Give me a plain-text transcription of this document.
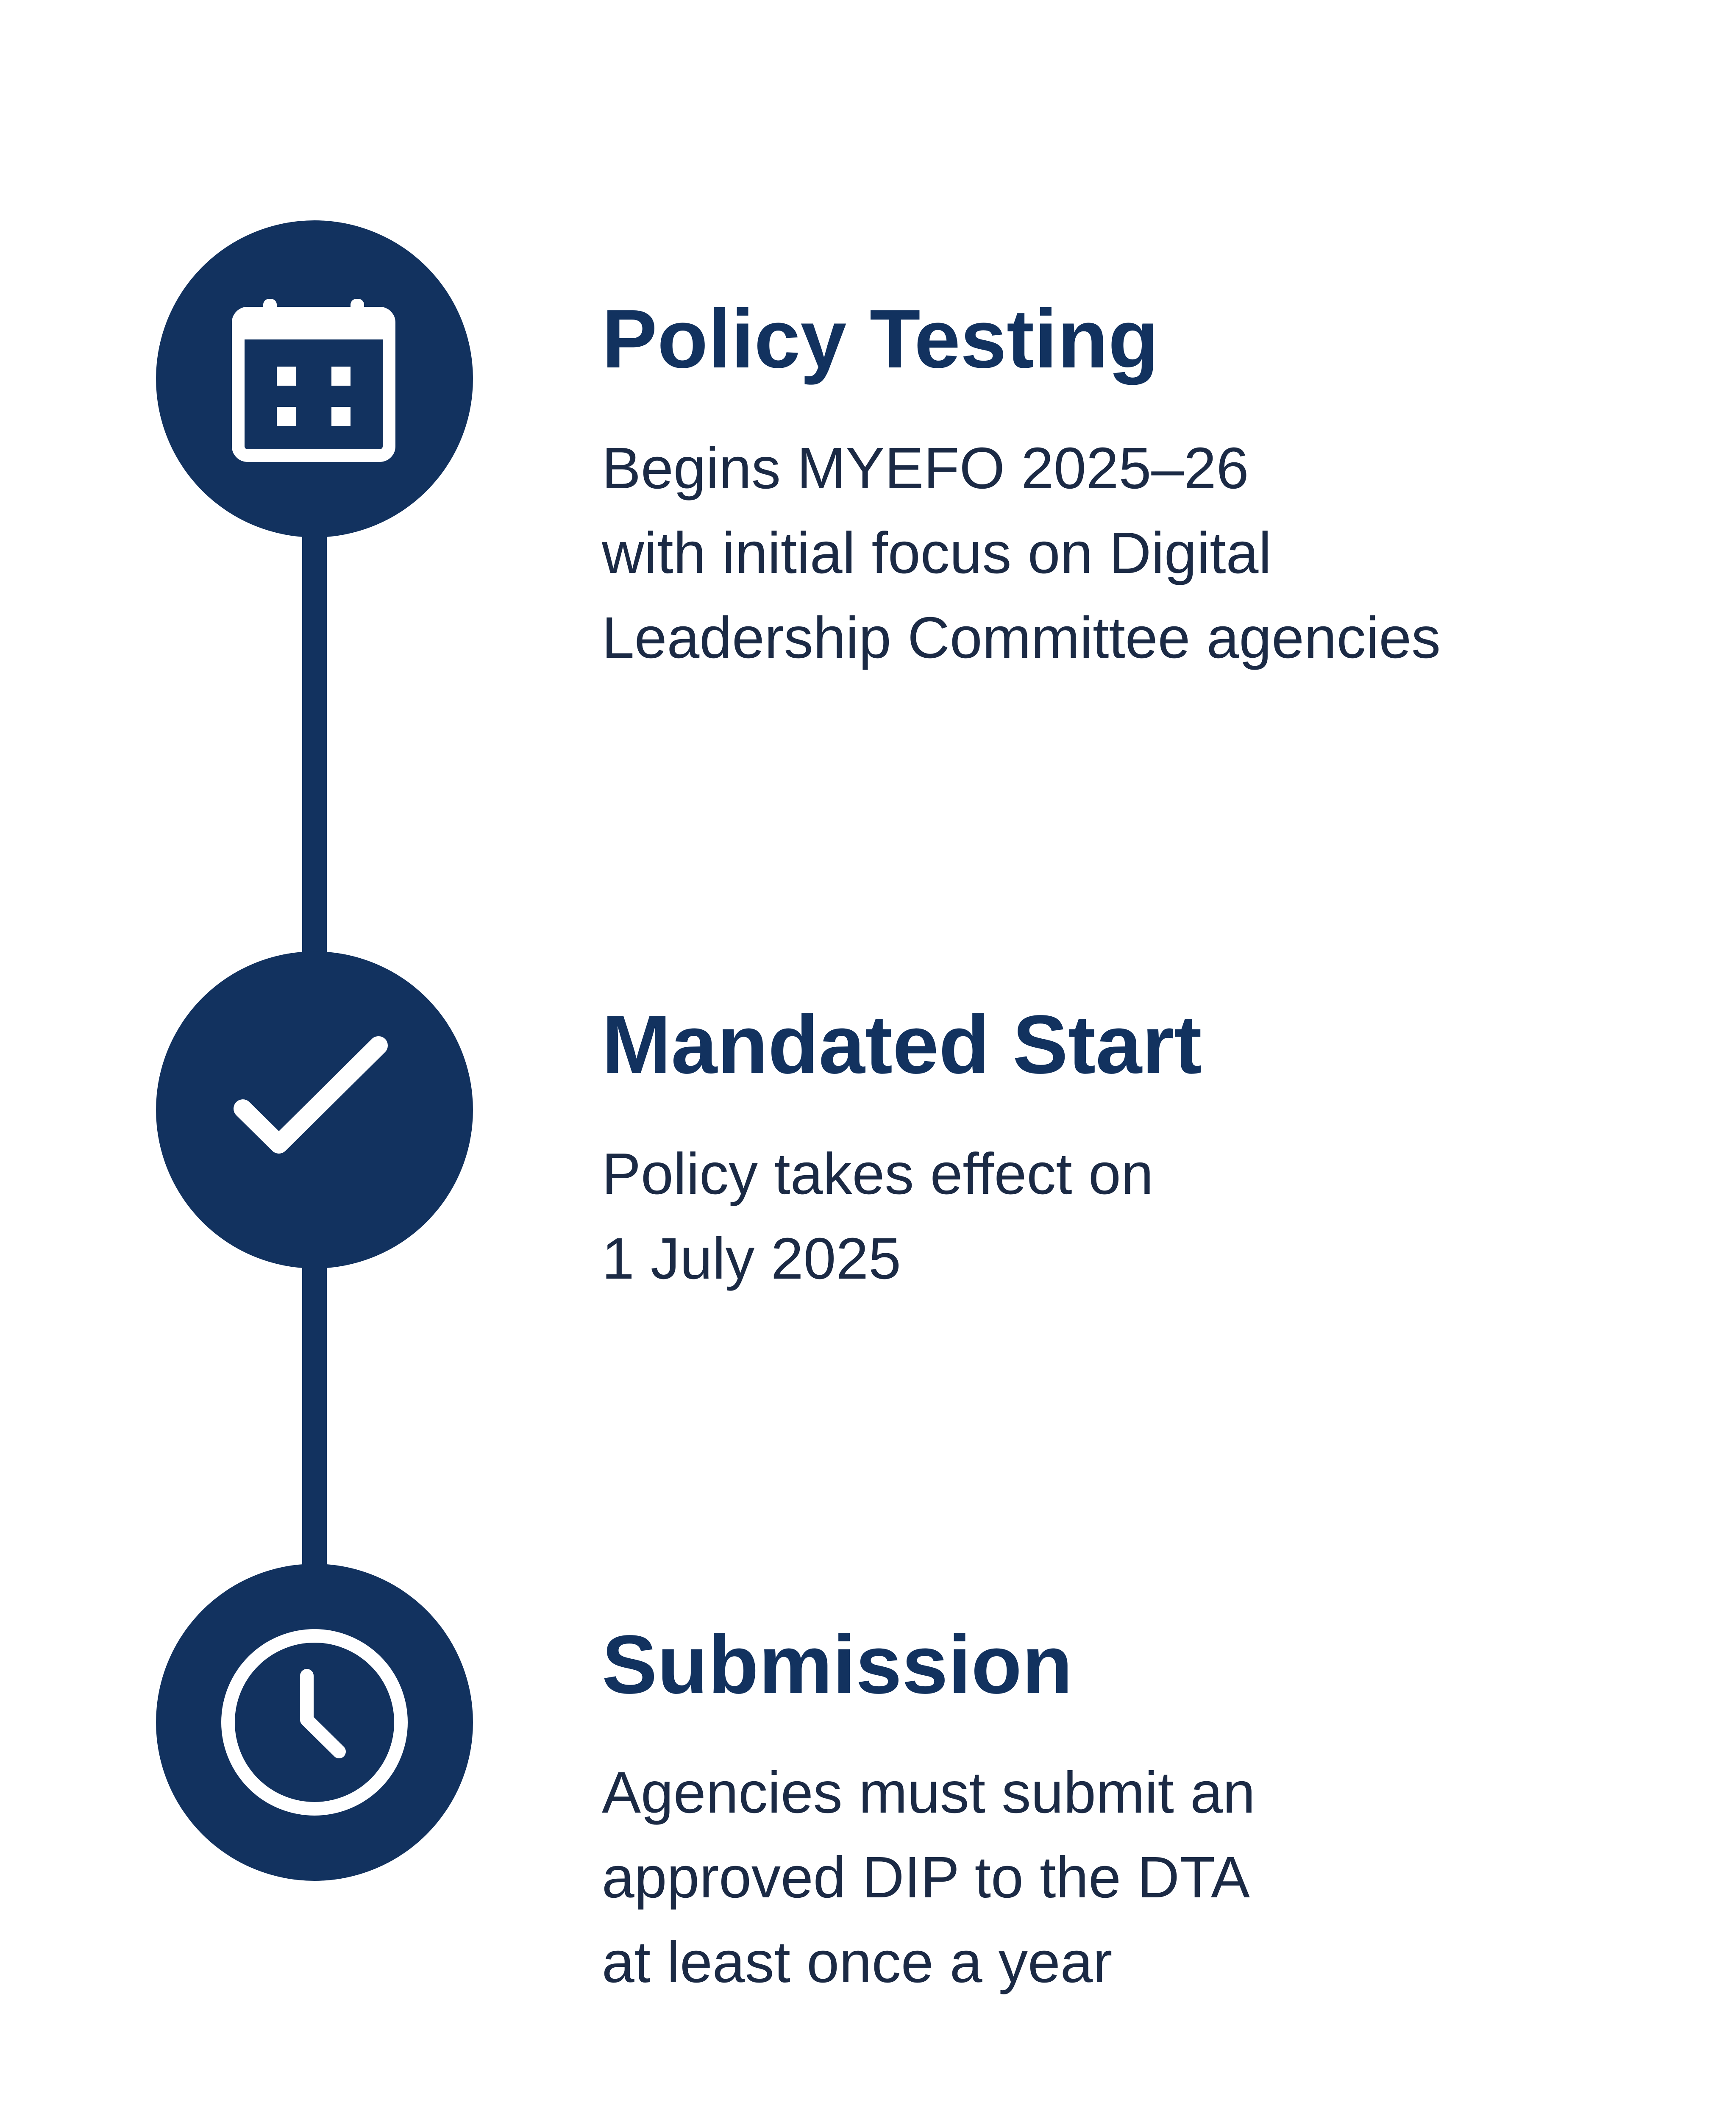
Policy Testing

Begins MYEFO 2025–26
with initial focus on Digital
Leadership Committee agencies

Mandated Start

Policy takes effect on
1 July 2025

Submission

Agencies must submit an
approved DIP to the DTA
at least once a year
